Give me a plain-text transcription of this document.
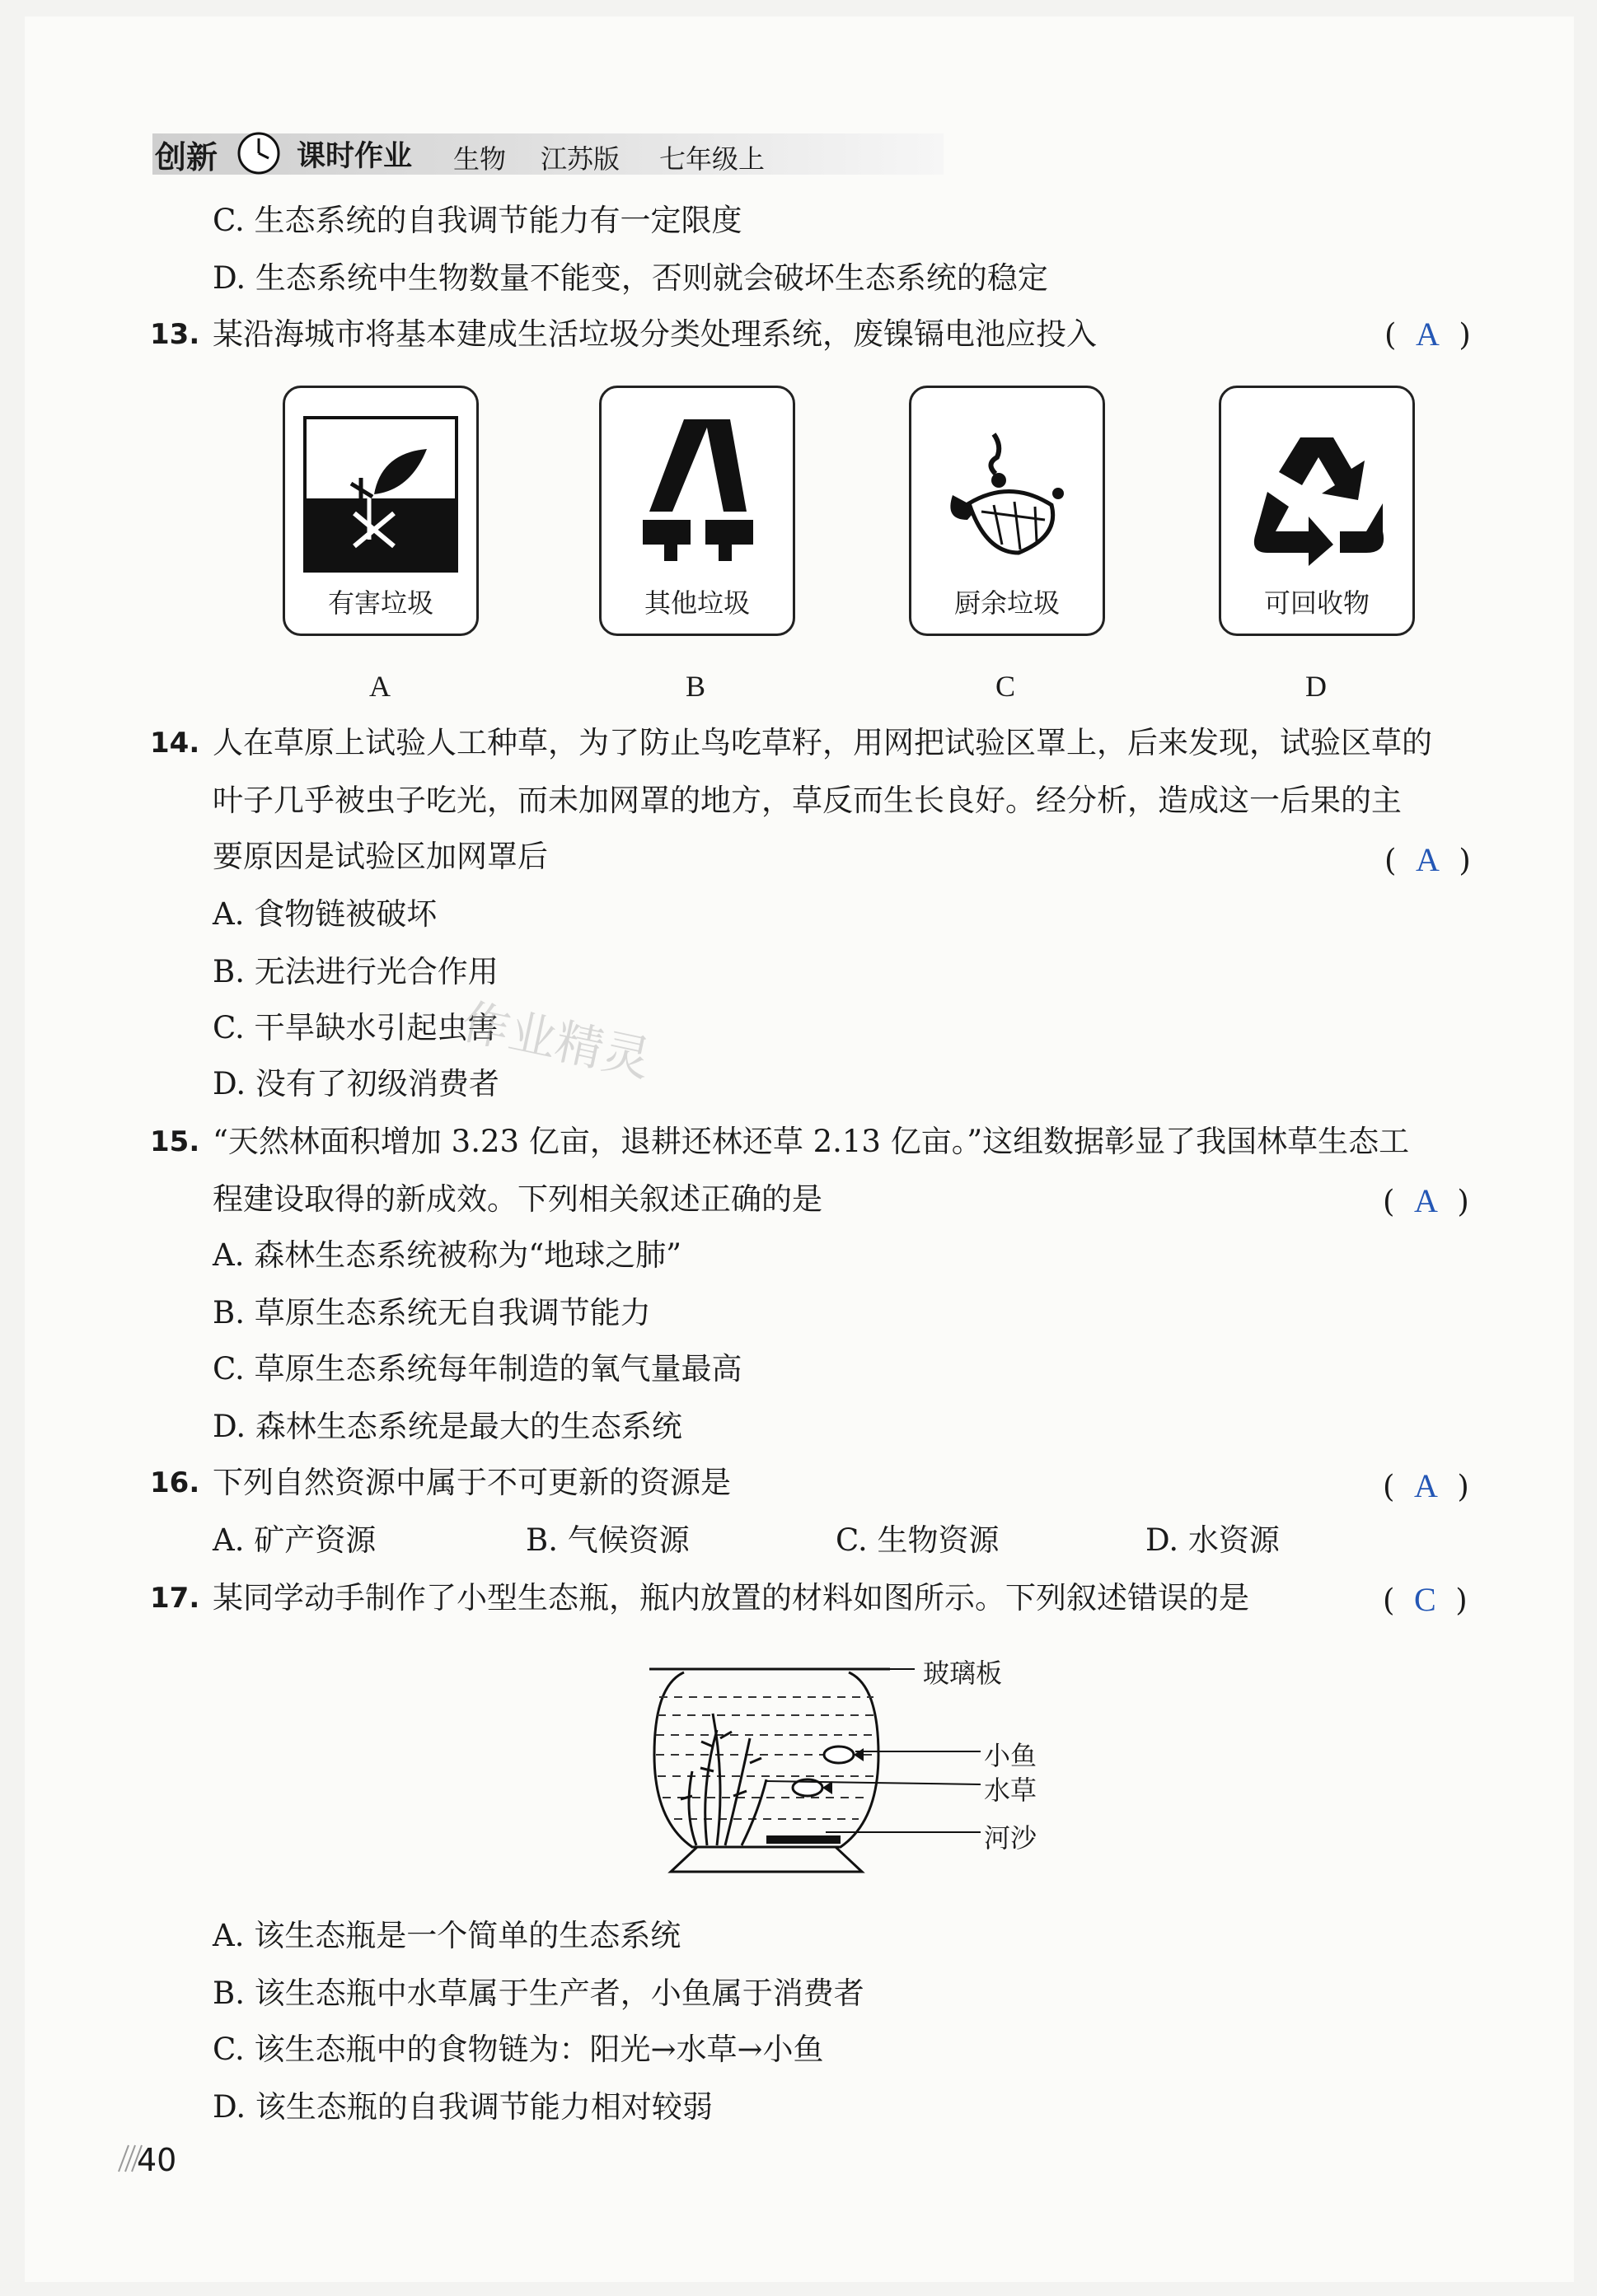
创新	课时作业 生物 江苏版 七年级上
C. 生态系统的自我调节能力有一定限度
D. 生态系统中生物数量不能变，否则就会破坏生态系统的稳定
13. 某沿海城市将基本建成生活垃圾分类处理系统，废镍镉电池应投入	( A )
有害垃圾	其他垃圾	厨余垃圾	可回收物
A	B	C	D
14. 人在草原上试验人工种草，为了防止鸟吃草籽，用网把试验区罩上，后来发现，试验区草的
叶子几乎被虫子吃光，而未加网罩的地方，草反而生长良好。经分析，造成这一后果的主
要原因是试验区加网罩后	( A )
A. 食物链被破坏
B. 无法进行光合作用
C. 干旱缺水引起虫害
D. 没有了初级消费者
作业精灵
15. “天然林面积增加 3.23 亿亩，退耕还林还草 2.13 亿亩。”这组数据彰显了我国林草生态工
程建设取得的新成效。下列相关叙述正确的是	( A )
A. 森林生态系统被称为“地球之肺”
B. 草原生态系统无自我调节能力
C. 草原生态系统每年制造的氧气量最高
D. 森林生态系统是最大的生态系统
16. 下列自然资源中属于不可更新的资源是	( A )
A. 矿产资源	B. 气候资源	C. 生物资源	D. 水资源
17. 某同学动手制作了小型生态瓶，瓶内放置的材料如图所示。下列叙述错误的是	( C )
玻璃板
小鱼
水草
河沙
A. 该生态瓶是一个简单的生态系统
B. 该生态瓶中水草属于生产者，小鱼属于消费者
C. 该生态瓶中的食物链为：阳光→水草→小鱼
D. 该生态瓶的自我调节能力相对较弱
40
